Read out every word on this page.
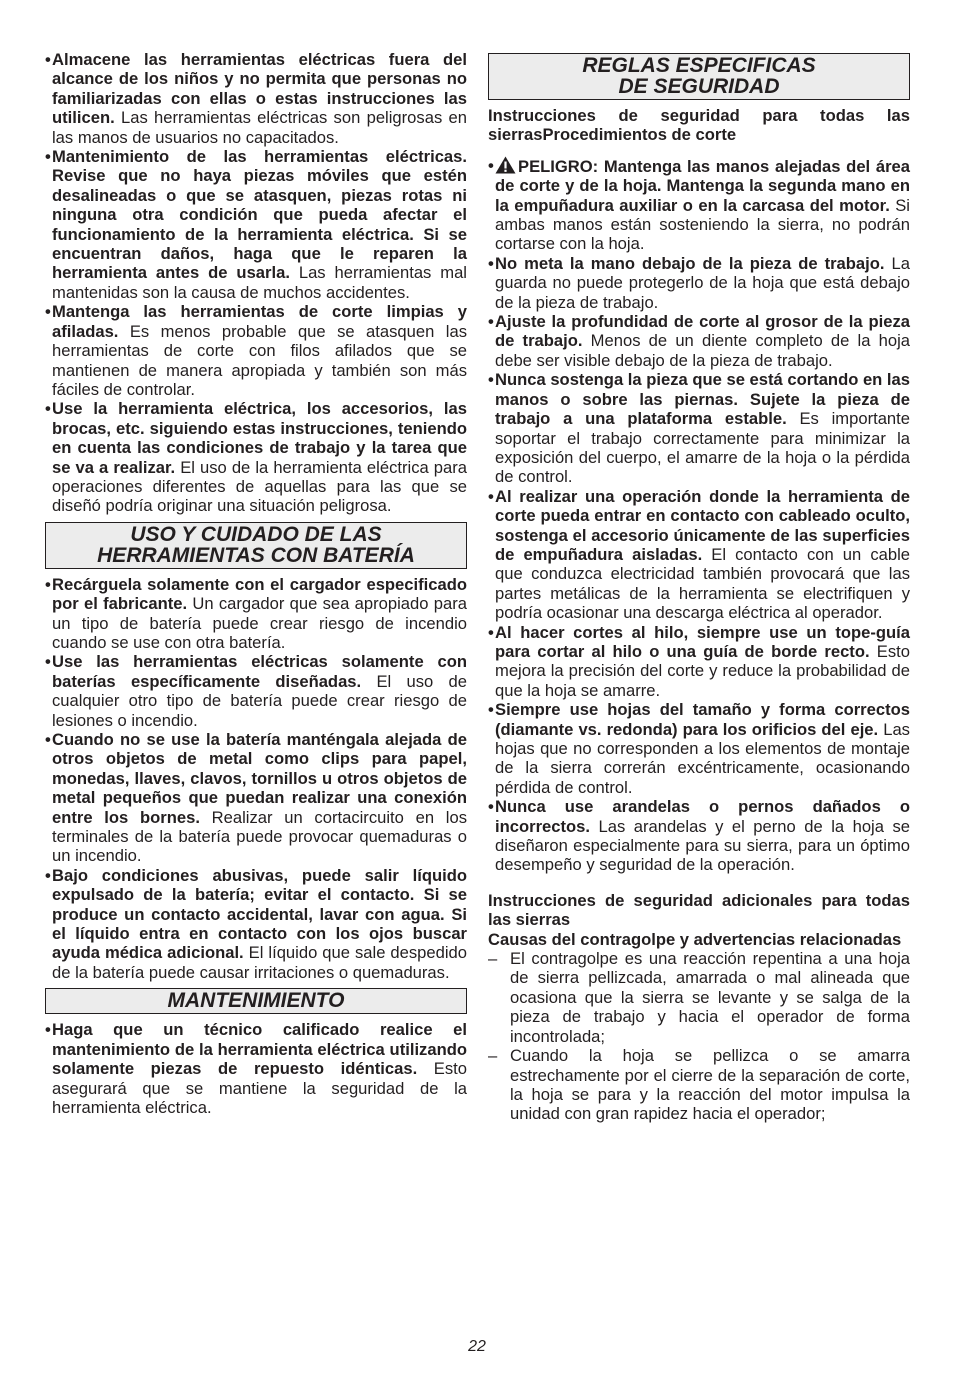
• Almacene las herramientas eléctricas fuera del alcance de los niños y no permita que personas no familiarizadas con ellas o estas instrucciones las utilicen. Las herramientas eléctricas son peligrosas en las manos de usuarios no capacitados.
• Mantenimiento de las herramientas eléctricas. Revise que no haya piezas móviles que estén desalineadas o que se atasquen, piezas rotas ni ninguna otra condición que pueda afectar el funcionamiento de la herramienta eléctrica. Si se encuentran daños, haga que le reparen la herramienta antes de usarla. Las herramientas mal mantenidas son la causa de muchos accidentes.
• Mantenga las herramientas de corte limpias y afiladas. Es menos probable que se atasquen las herramientas de corte con filos afilados que se mantienen de manera apropiada y también son más fáciles de controlar.
• Use la herramienta eléctrica, los accesorios, las brocas, etc. siguiendo estas instrucciones, teniendo en cuenta las condiciones de trabajo y la tarea que se va a realizar. El uso de la herramienta eléctrica para operaciones diferentes de aquellas para las que se diseñó podría originar una situación peligrosa.
USO Y CUIDADO DE LAS
HERRAMIENTAS CON BATERÍA
• Recárguela solamente con el cargador especificado por el fabricante. Un cargador que sea apropiado para un tipo de batería puede crear riesgo de incendio cuando se use con otra batería.
• Use las herramientas eléctricas solamente con baterías específicamente diseñadas. El uso de cualquier otro tipo de batería puede crear riesgo de lesiones o incendio.
• Cuando no se use la batería manténgala alejada de otros objetos de metal como clips para papel, monedas, llaves, clavos, tornillos u otros objetos de metal pequeños que puedan realizar una conexión entre los bornes. Realizar un cortacircuito en los terminales de la batería puede provocar quemaduras o un incendio.
• Bajo condiciones abusivas, puede salir líquido expulsado de la batería; evitar el contacto. Si se produce un contacto accidental, lavar con agua. Si el líquido entra en contacto con los ojos buscar ayuda médica adicional. El líquido que sale despedido de la batería puede causar irritaciones o quemaduras.
MANTENIMIENTO
• Haga que un técnico calificado realice el mantenimiento de la herramienta eléctrica utilizando solamente piezas de repuesto idénticas. Esto asegurará que se mantiene la seguridad de la herramienta eléctrica.
REGLAS ESPECIFICAS
DE SEGURIDAD
Instrucciones de seguridad para todas las sierrasProcedimientos de corte
• PELIGRO: Mantenga las manos alejadas del área de corte y de la hoja. Mantenga la segunda mano en la empuñadura auxiliar o en la carcasa del motor. Si ambas manos están sosteniendo la sierra, no podrán cortarse con la hoja.
• No meta la mano debajo de la pieza de trabajo. La guarda no puede protegerlo de la hoja que está debajo de la pieza de trabajo.
• Ajuste la profundidad de corte al grosor de la pieza de trabajo. Menos de un diente completo de la hoja debe ser visible debajo de la pieza de trabajo.
• Nunca sostenga la pieza que se está cortando en las manos o sobre las piernas. Sujete la pieza de trabajo a una plataforma estable. Es importante soportar el trabajo correctamente para minimizar la exposición del cuerpo, el amarre de la hoja o la pérdida de control.
• Al realizar una operación donde la herramienta de corte pueda entrar en contacto con cableado oculto, sostenga el accesorio únicamente de las superficies de empuñadura aisladas. El contacto con un cable que conduzca electricidad también provocará que las partes metálicas de la herramienta se electrifiquen y podría ocasionar una descarga eléctrica al operador.
• Al hacer cortes al hilo, siempre use un tope-guía para cortar al hilo o una guía de borde recto. Esto mejora la precisión del corte y reduce la probabilidad de que la hoja se amarre.
• Siempre use hojas del tamaño y forma correctos (diamante vs. redonda) para los orificios del eje. Las hojas que no corresponden a los elementos de montaje de la sierra correrán excéntricamente, ocasionando pérdida de control.
• Nunca use arandelas o pernos dañados o incorrectos. Las arandelas y el perno de la hoja se diseñaron especialmente para su sierra, para un óptimo desempeño y seguridad de la operación.
Instrucciones de seguridad adicionales para todas las sierras
Causas del contragolpe y advertencias relacionadas
– El contragolpe es una reacción repentina a una hoja de sierra pellizcada, amarrada o mal alineada que ocasiona que la sierra se levante y se salga de la pieza de trabajo y hacia el operador de forma incontrolada;
– Cuando la hoja se pellizca o se amarra estrechamente por el cierre de la separación de corte, la hoja se para y la reacción del motor impulsa la unidad con gran rapidez hacia el operador;
22
